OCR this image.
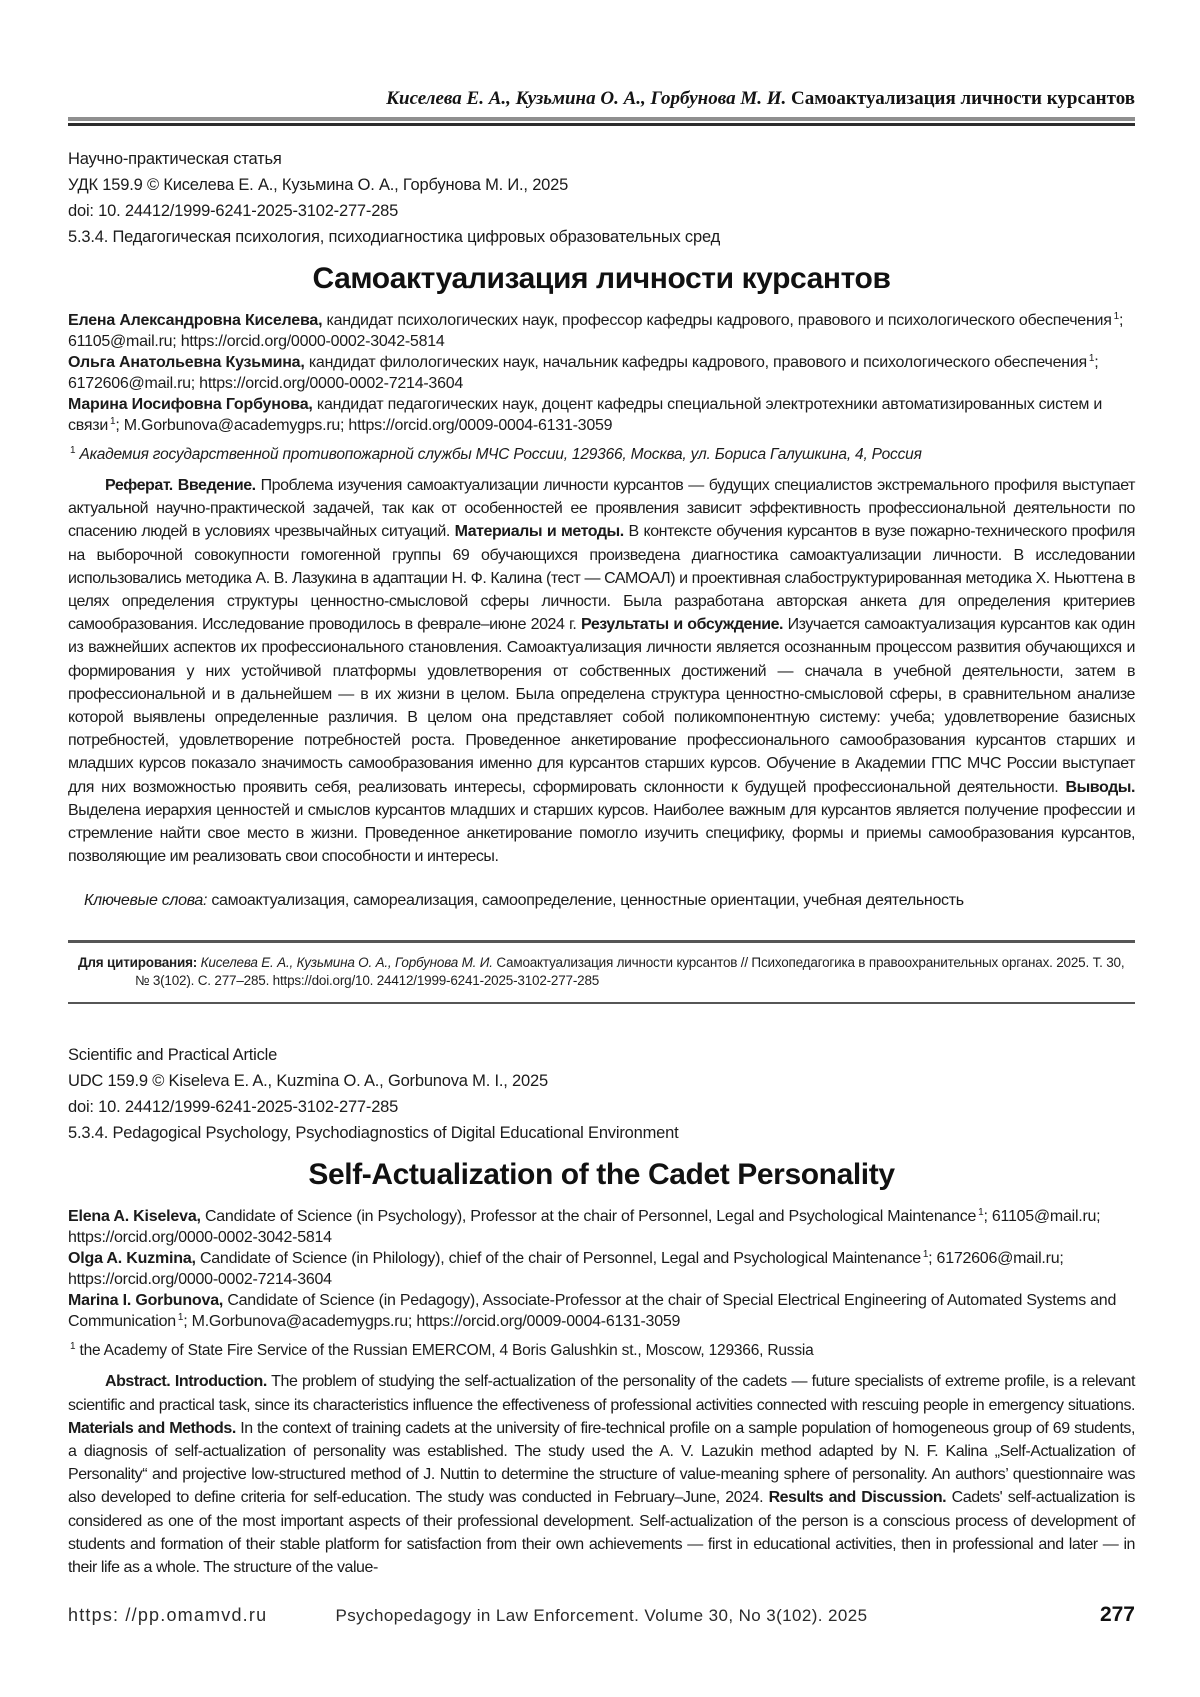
Киселева Е. А., Кузьмина О. А., Горбунова М. И. Самоактуализация личности курсантов
Научно-практическая статья
УДК 159.9 © Киселева Е. А., Кузьмина О. А., Горбунова М. И., 2025
doi: 10. 24412/1999-6241-2025-3102-277-285
5.3.4. Педагогическая психология, психодиагностика цифровых образовательных сред
Самоактуализация личности курсантов

Елена Александровна Киселева, кандидат психологических наук, профессор кафедры кадрового, правового и психологического обеспечения $^1$; 61105@mail.ru; https://orcid.org/0000-0002-3042-5814

Ольга Анатольевна Кузьмина, кандидат филологических наук, начальник кафедры кадрового, правового и психологического обеспечения $^1$; 6172606@mail.ru; https://orcid.org/0000-0002-7214-3604

Марина Иосифовна Горбунова, кандидат педагогических наук, доцент кафедры специальной электротехники автоматизированных систем и связи $^1$; M.Gorbunova@academygps.ru; https://orcid.org/0009-0004-6131-3059

$^1$ Академия государственной противопожарной службы МЧС России, 129366, Москва, ул. Бориса Галушкина, 4, Россия

Реферат. Введение. Проблема изучения самоактуализации личности курсантов — будущих специалистов экстремального профиля выступает актуальной научно-практической задачей, так как от особенностей ее проявления зависит эффективность профессиональной деятельности по спасению людей в условиях чрезвычайных ситуаций. Материалы и методы. В контексте обучения курсантов в вузе пожарно-технического профиля на выборочной совокупности гомогенной группы 69 обучающихся произведена диагностика самоактуализации личности. В исследовании использовались методика А. В. Лазукина в адаптации Н. Ф. Калина (тест — САМОАЛ) и проективная слабоструктурированная методика Х. Ньюттена в целях определения структуры ценностно-смысловой сферы личности. Была разработана авторская анкета для определения критериев самообразования. Исследование проводилось в феврале–июне 2024 г. Результаты и обсуждение. Изучается самоактуализация курсантов как один из важнейших аспектов их профессионального становления. Самоактуализация личности является осознанным процессом развития обучающихся и формирования у них устойчивой платформы удовлетворения от собственных достижений — сначала в учебной деятельности, затем в профессиональной и в дальнейшем — в их жизни в целом. Была определена структура ценностно-смысловой сферы, в сравнительном анализе которой выявлены определенные различия. В целом она представляет собой поликомпонентную систему: учеба; удовлетворение базисных потребностей, удовлетворение потребностей роста. Проведенное анкетирование профессионального самообразования курсантов старших и младших курсов показало значимость самообразования именно для курсантов старших курсов. Обучение в Академии ГПС МЧС России выступает для них возможностью проявить себя, реализовать интересы, сформировать склонности к будущей профессиональной деятельности. Выводы. Выделена иерархия ценностей и смыслов курсантов младших и старших курсов. Наиболее важным для курсантов является получение профессии и стремление найти свое место в жизни. Проведенное анкетирование помогло изучить специфику, формы и приемы самообразования курсантов, позволяющие им реализовать свои способности и интересы.

Ключевые слова: самоактуализация, самореализация, самоопределение, ценностные ориентации, учебная деятельность

Для цитирования: Киселева Е. А., Кузьмина О. А., Горбунова М. И. Самоактуализация личности курсантов // Психопедагогика в правоохранительных органах. 2025. Т. 30, № 3(102). С. 277–285. https://doi.org/10. 24412/1999-6241-2025-3102-277-285
Scientific and Practical Article
UDC 159.9 © Kiseleva E. A., Kuzmina O. A., Gorbunova M. I., 2025
doi: 10. 24412/1999-6241-2025-3102-277-285
5.3.4. Pedagogical Psychology, Psychodiagnostics of Digital Educational Environment
Self-Actualization of the Cadet Personality

Elena A. Kiseleva, Candidate of Science (in Psychology), Professor at the chair of Personnel, Legal and Psychological Maintenance $^1$; 61105@mail.ru; https://orcid.org/0000-0002-3042-5814

Olga A. Kuzmina, Candidate of Science (in Philology), chief of the chair of Personnel, Legal and Psychological Maintenance $^1$; 6172606@mail.ru; https://orcid.org/0000-0002-7214-3604

Marina I. Gorbunova, Candidate of Science (in Pedagogy), Associate-Professor at the chair of Special Electrical Engineering of Automated Systems and Communication $^1$; M.Gorbunova@academygps.ru; https://orcid.org/0009-0004-6131-3059

$^1$ the Academy of State Fire Service of the Russian EMERCOM, 4 Boris Galushkin st., Moscow, 129366, Russia

Abstract. Introduction. The problem of studying the self-actualization of the personality of the cadets — future specialists of extreme profile, is a relevant scientific and practical task, since its characteristics influence the effectiveness of professional activities connected with rescuing people in emergency situations. Materials and Methods. In the context of training cadets at the university of fire-technical profile on a sample population of homogeneous group of 69 students, a diagnosis of self-actualization of personality was established. The study used the A. V. Lazukin method adapted by N. F. Kalina „Self-Actualization of Personality“ and projective low-structured method of J. Nuttin to determine the structure of value-meaning sphere of personality. An authors’ questionnaire was also developed to define criteria for self-education. The study was conducted in February–June, 2024. Results and Discussion. Cadets' self-actualization is considered as one of the most important aspects of their professional development. Self-actualization of the person is a conscious process of development of students and formation of their stable platform for satisfaction from their own achievements — first in educational activities, then in professional and later — in their life as a whole. The structure of the value-

https: //pp.omamvd.ru	Psychopedagogy in Law Enforcement. Volume 30, No 3(102). 2025	277
